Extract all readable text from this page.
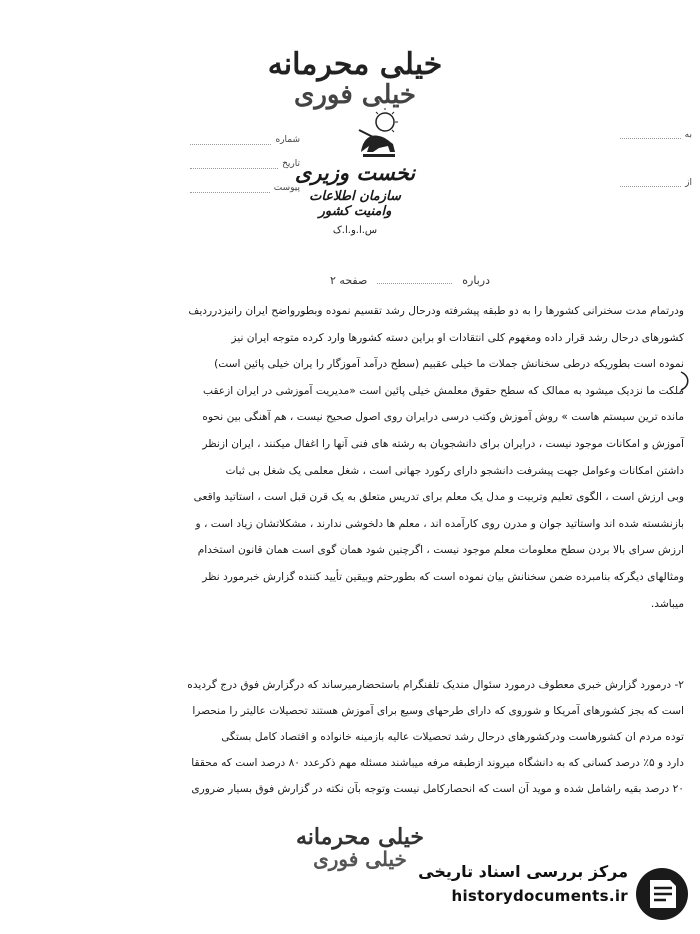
خیلی محرمانه
خیلی فوری
نخست وزیری
سازمان اطلاعات وامنیت کشور
س.ا.و.ا.ک
شماره
تاریخ
پیوست
به
از
درباره
صفحه ۲

ودرتمام مدت سخنرانی کشورها را به دو طبقه پیشرفته ودرحال رشد تقسیم نموده وبطورواضح ایران رانیزدرردیف

کشورهای درحال رشد قرار داده ومغهوم کلی انتقادات او براین دسته کشورها وارد کرده متوجه ایران نیز

نموده است بطوریکه درطی سخنانش جملات ما خیلی عقبیم (سطح درآمد آموزگار را یران خیلی پائین است)

ملکت ما نزدیک میشود به ممالک که سطح حقوق معلمش خیلی پائین است «مدیریت آموزشی در ایران ازعقب

مانده ترین سیستم هاست » روش آموزش وکتب درسی درایران روی اصول صحیح نیست ، هم آهنگی بین نحوه

آموزش و امکانات موجود نیست ، درایران برای دانشجویان به رشته های فنی آنها را اغفال میکنند ، ایران ازنظر

داشتن امکانات وعوامل جهت پیشرفت دانشجو دارای رکورد جهانی است ، شغل معلمی یک شغل بی ثبات

وبی ارزش است ، الگوی تعلیم وتربیت و مدل یک معلم برای تدریس متعلق به یک قرن قبل است ، استاتید واقعی

بازنشسته شده اند واستاتید جوان و مدرن روی کارآمده اند ، معلم ها دلخوشی ندارند ، مشکلاتشان زیاد است ، و

ارزش سرای بالا بردن سطح معلومات معلم موجود نیست ، اگرچنین شود همان گوی است همان قانون استخدام

ومثالهای دیگرکه بنامبرده ضمن سخنانش بیان نموده است که بطورحتم وبیقین تأیید کننده گزارش خبرمورد نظر

میباشد.

۲- درمورد گزارش خبری معطوف درمورد سئوال مندیک تلفنگرام باستحضارمیرساند که درگزارش فوق درج گردیده

است که بجز کشورهای آمریکا و شوروی که دارای طرحهای وسیع برای آموزش هستند تحصیلات عالیتر را منحصرا

توده مردم ان کشورهاست ودرکشورهای درحال رشد تحصیلات عالیه بازمینه خانواده و اقتصاد کامل بستگی

دارد و ۵٪ درصد کسانی که به دانشگاه میروند ازطبقه مرفه میباشند مسئله مهم ذکرعدد ۸۰ درصد است که محققا

۲۰ درصد بقیه راشامل شده و موید آن است که انحصارکامل نیست وتوجه بآن نکته در گزارش فوق بسیار ضروری

خیلی محرمانه
خیلی فوری
مرکز بررسی اسناد تاریخی
historydocuments.ir
